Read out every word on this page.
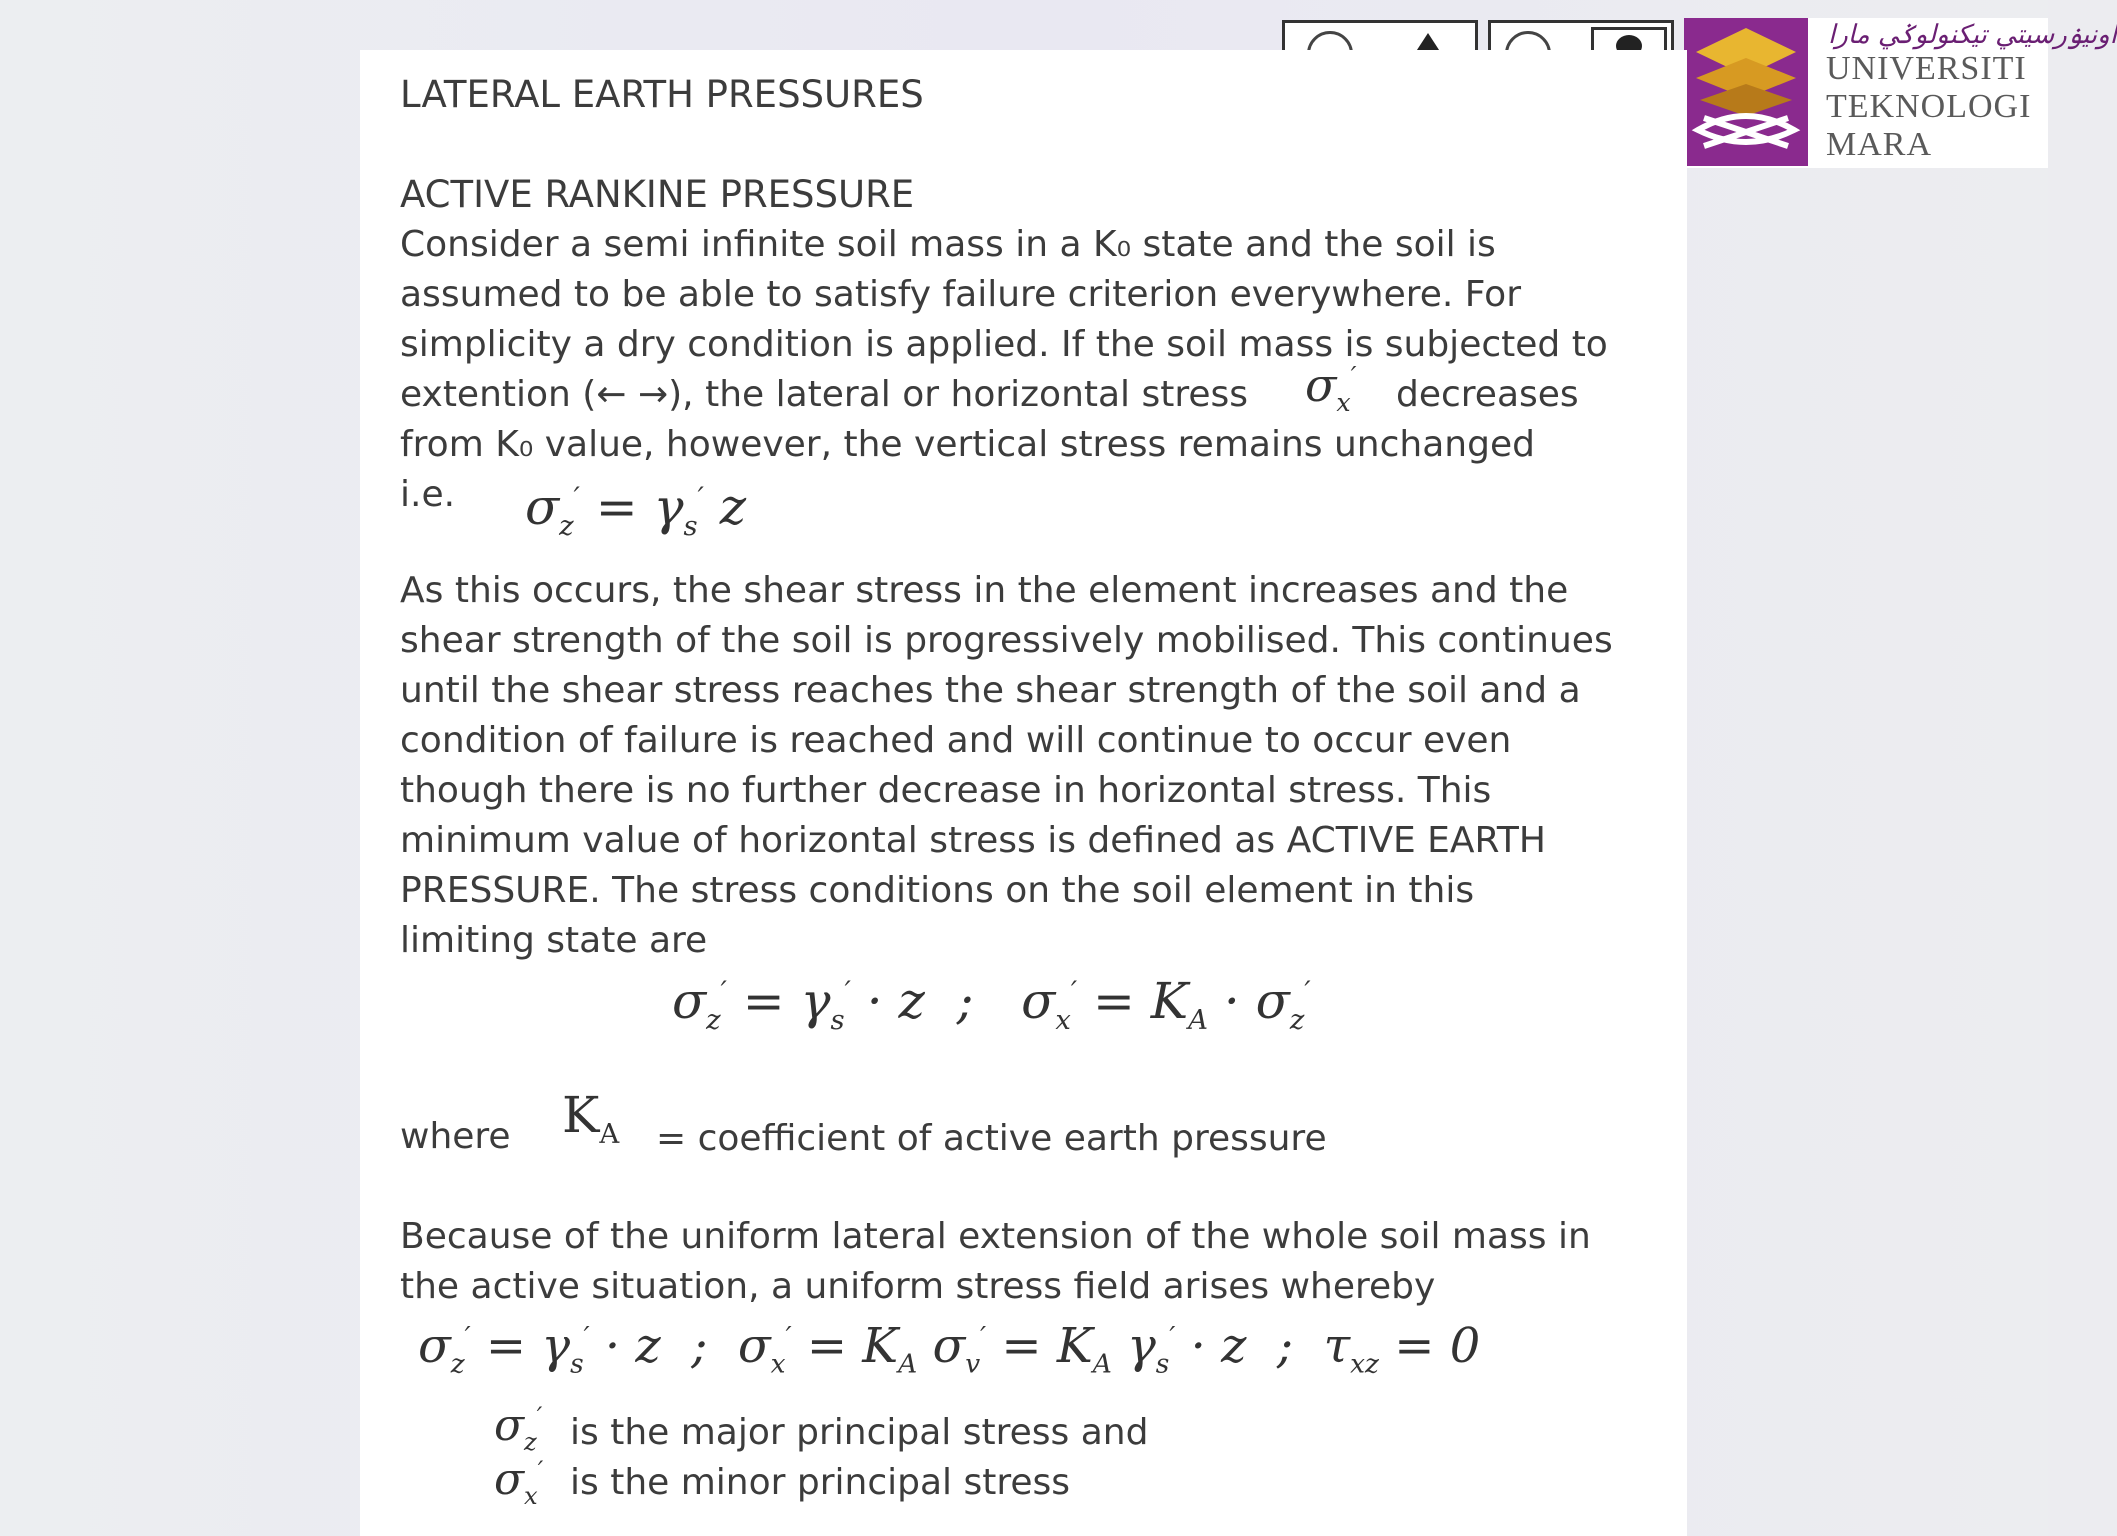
اونيۏرسيتي تيكنولوݢي مارا
UNIVERSITI
TEKNOLOGI
MARA

LATERAL EARTH PRESSURES

ACTIVE RANKINE PRESSURE

Consider a semi infinite soil mass in a K₀ state and the soil is

assumed to be able to satisfy failure criterion everywhere. For

simplicity a dry condition is applied. If the soil mass is subjected to

extention (← →), the lateral or horizontal stress $\sigma_x'$ decreases

from K₀ value, however, the vertical stress remains unchanged

i.e. $\sigma_z' = \gamma_s'$ z

As this occurs, the shear stress in the element increases and the

shear strength of the soil is progressively mobilised. This continues

until the shear stress reaches the shear strength of the soil and a

condition of failure is reached and will continue to occur even

though there is no further decrease in horizontal stress. This

minimum value of horizontal stress is defined as ACTIVE EARTH

PRESSURE. The stress conditions on the soil element in this

limiting state are

$\sigma_z' = \gamma_s' \cdot z$  ;   $\sigma_x' = K_A \cdot \sigma_z'$

where $K_A$ = coefficient of active earth pressure

Because of the uniform lateral extension of the whole soil mass in

the active situation, a uniform stress field arises whereby

$\sigma_z' = \gamma_s' \cdot z$  ;  $\sigma_x' = K_A$ $\sigma_v' = K_A$ $\gamma_s' \cdot z$  ;  $\tau_{xz} = 0$
$\sigma_z'$ is the major principal stress and

$\sigma_x'$ is the minor principal stress
